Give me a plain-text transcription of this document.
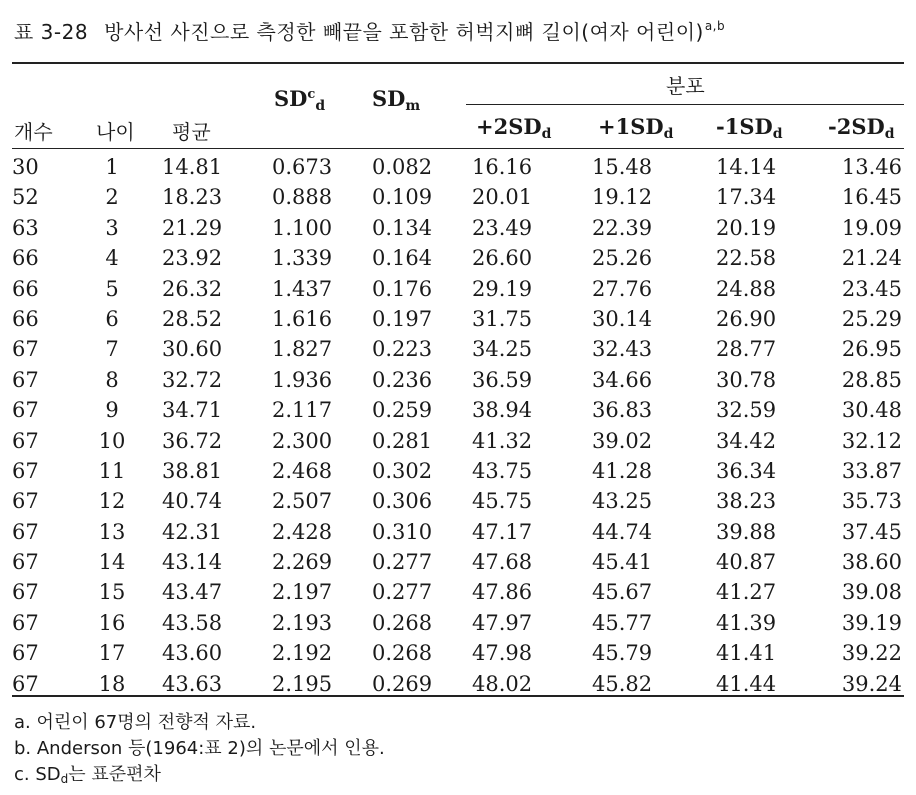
표 3-28 방사선 사진으로 측정한 빼끝을 포함한 허벅지뼈 길이(여자 어린이)$^{a,b}$
개수 나이 평균
$SD^c_d$ $SD_m$
분포
$+2SD_d +1SD_d$ $-1SD_d$ $-2SD_d$
30	1	14.81	0.673	0.082	16.16	15.48	14.14	13.46
52	2	18.23	0.888	0.109	20.01	19.12	17.34	16.45
63	3	21.29	1.100	0.134	23.49	22.39	20.19	19.09
66	4	23.92	1.339	0.164	26.60	25.26	22.58	21.24
66	5	26.32	1.437	0.176	29.19	27.76	24.88	23.45
66	6	28.52	1.616	0.197	31.75	30.14	26.90	25.29
67	7	30.60	1.827	0.223	34.25	32.43	28.77	26.95
67	8	32.72	1.936	0.236	36.59	34.66	30.78	28.85
67	9	34.71	2.117	0.259	38.94	36.83	32.59	30.48
67	10	36.72	2.300	0.281	41.32	39.02	34.42	32.12
67	11	38.81	2.468	0.302	43.75	41.28	36.34	33.87
67	12	40.74	2.507	0.306	45.75	43.25	38.23	35.73
67	13	42.31	2.428	0.310	47.17	44.74	39.88	37.45
67	14	43.14	2.269	0.277	47.68	45.41	40.87	38.60
67	15	43.47	2.197	0.277	47.86	45.67	41.27	39.08
67	16	43.58	2.193	0.268	47.97	45.77	41.39	39.19
67	17	43.60	2.192	0.268	47.98	45.79	41.41	39.22
67	18	43.63	2.195	0.269	48.02	45.82	41.44	39.24
a. 어린이 67명의 전향적 자료.
b. Anderson 등(1964:표 2)의 논문에서 인용.
c. $SD_d$는 표준편차
